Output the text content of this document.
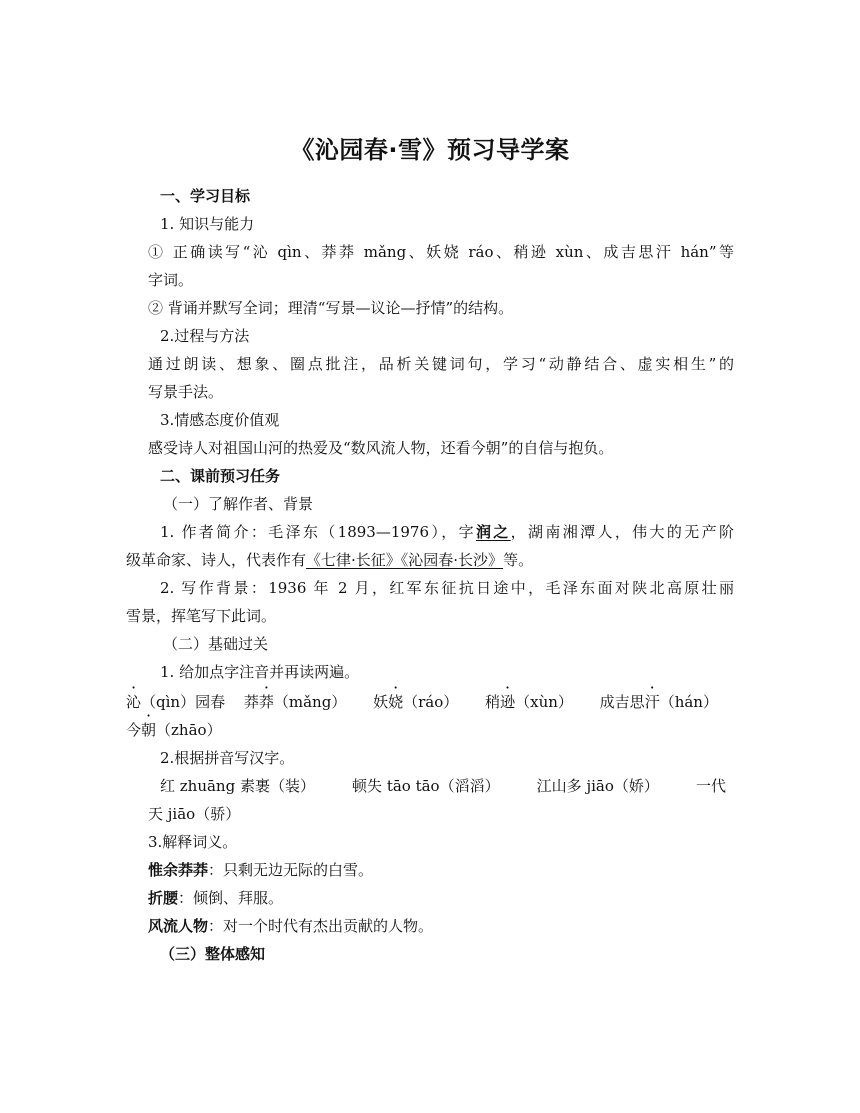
《沁园春·雪》预习导学案
一、学习目标
1. 知识与能力
① 正确读写“沁 qìn、莽莽 mǎng、妖娆 ráo、稍逊 xùn、成吉思汗 hán”等
字词。
② 背诵并默写全词；理清“写景—议论—抒情”的结构。
2.过程与方法
通过朗读、想象、圈点批注，品析关键词句，学习“动静结合、虚实相生”的
写景手法。
3.情感态度价值观
感受诗人对祖国山河的热爱及“数风流人物，还看今朝”的自信与抱负。
二、课前预习任务
（一）了解作者、背景
1. 作者简介：毛泽东（1893—1976），字润之，湖南湘潭人，伟大的无产阶
级革命家、诗人，代表作有《七律·长征》《沁园春·长沙》等。
2. 写作背景：1936 年 2 月，红军东征抗日途中，毛泽东面对陕北高原壮丽
雪景，挥笔写下此词。
（二）基础过关
1. 给加点字注音并再读两遍。
沁（qìn）园春 莽莽（mǎng） 妖娆（ráo） 稍逊（xùn） 成吉思汗（hán）
今朝（zhāo）
2.根据拼音写汉字。
红 zhuāng 素裹（装） 顿失 tāo tāo（滔滔） 江山多 jiāo（娇） 一代
天 jiāo（骄）
3.解释词义。
惟余莽莽：只剩无边无际的白雪。
折腰：倾倒、拜服。
风流人物：对一个时代有杰出贡献的人物。
（三）整体感知
